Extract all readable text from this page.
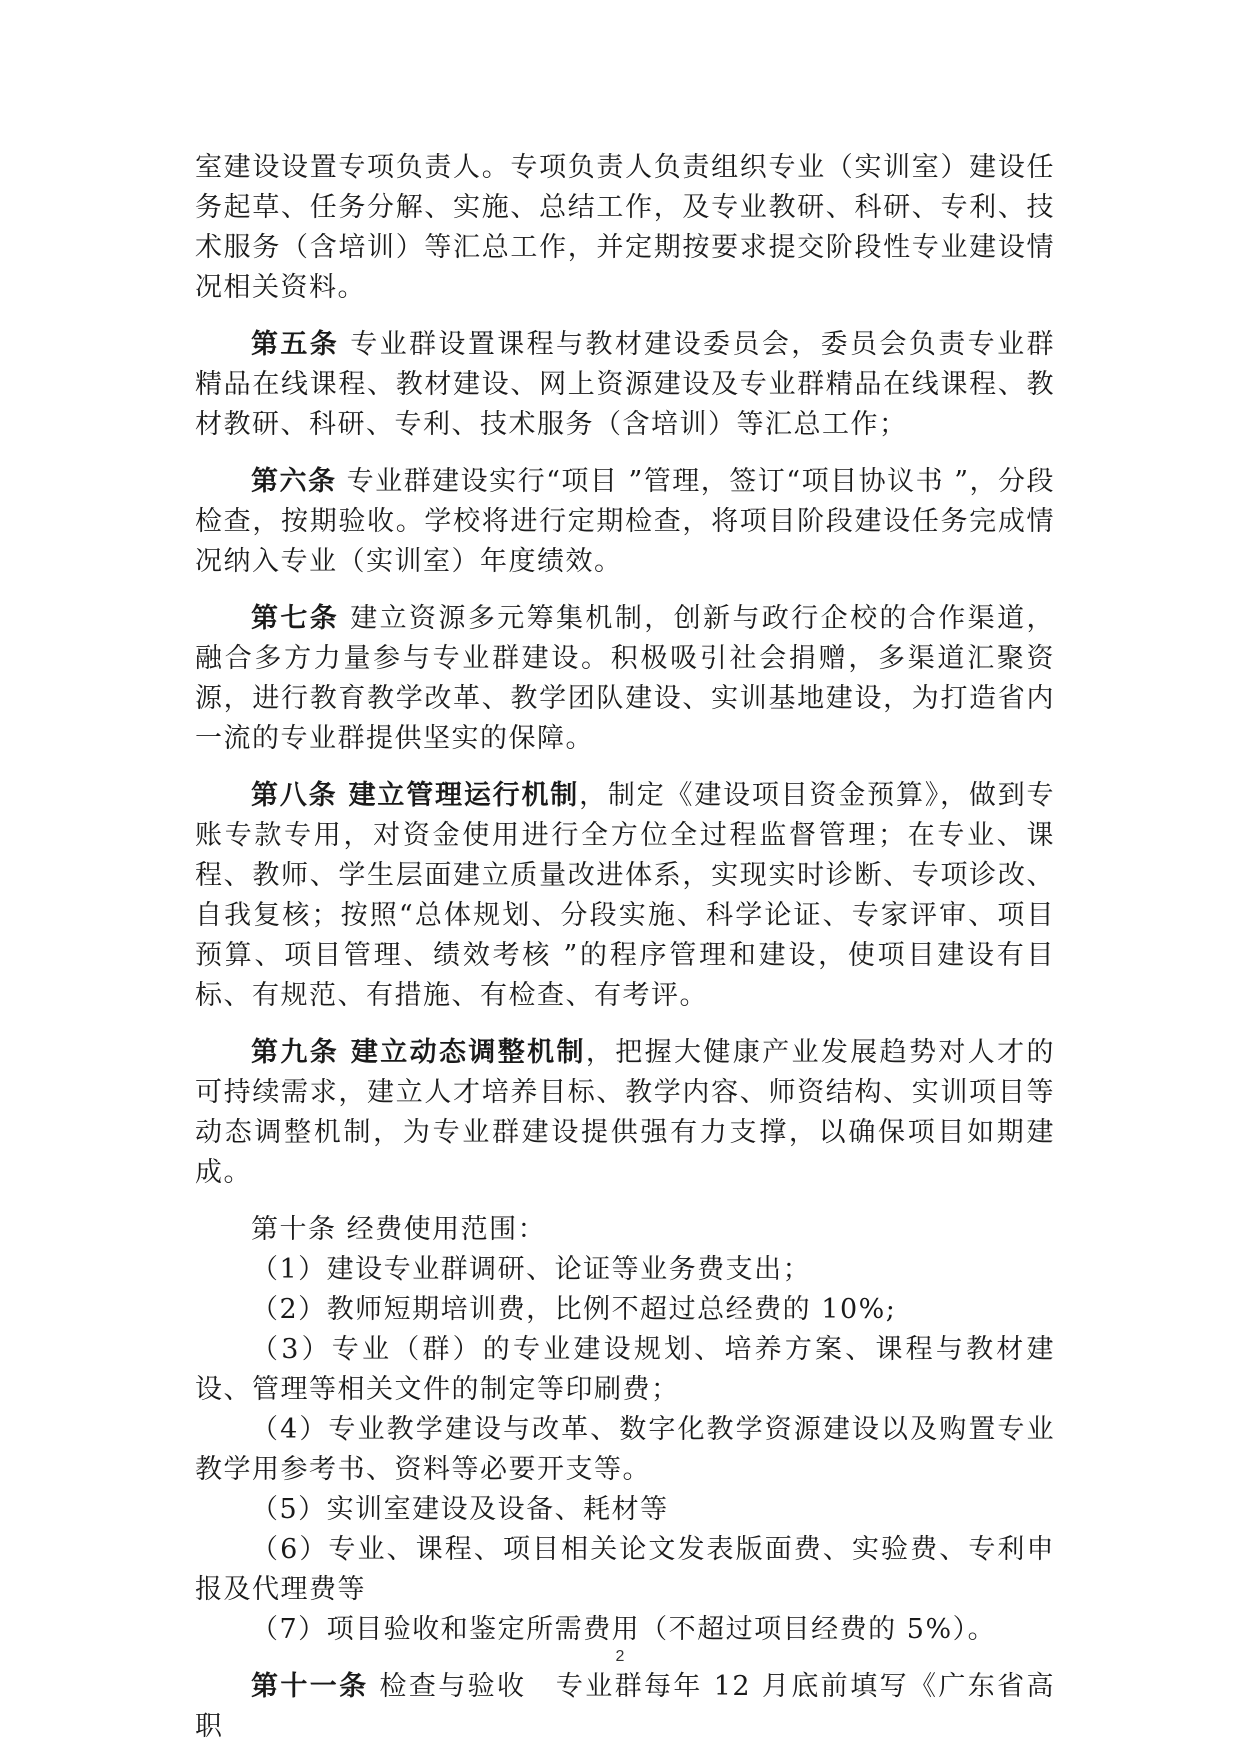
室建设设置专项负责人。专项负责人负责组织专业（实训室）建设任务起草、任务分解、实施、总结工作，及专业教研、科研、专利、技术服务（含培训）等汇总工作，并定期按要求提交阶段性专业建设情况相关资料。

第五条 专业群设置课程与教材建设委员会，委员会负责专业群精品在线课程、教材建设、网上资源建设及专业群精品在线课程、教材教研、科研、专利、技术服务（含培训）等汇总工作；

第六条 专业群建设实行“项目 ”管理，签订“项目协议书 ”，分段检查，按期验收。学校将进行定期检查，将项目阶段建设任务完成情况纳入专业（实训室）年度绩效。

第七条 建立资源多元筹集机制，创新与政行企校的合作渠道，融合多方力量参与专业群建设。积极吸引社会捐赠，多渠道汇聚资源，进行教育教学改革、教学团队建设、实训基地建设，为打造省内一流的专业群提供坚实的保障。

第八条 建立管理运行机制，制定《建设项目资金预算》，做到专账专款专用，对资金使用进行全方位全过程监督管理；在专业、课程、教师、学生层面建立质量改进体系，实现实时诊断、专项诊改、自我复核；按照“总体规划、分段实施、科学论证、专家评审、项目预算、项目管理、绩效考核 ”的程序管理和建设，使项目建设有目标、有规范、有措施、有检查、有考评。

第九条 建立动态调整机制，把握大健康产业发展趋势对人才的可持续需求，建立人才培养目标、教学内容、师资结构、实训项目等动态调整机制，为专业群建设提供强有力支撑，以确保项目如期建成。

第十条 经费使用范围：

（1）建设专业群调研、论证等业务费支出；

（2）教师短期培训费，比例不超过总经费的 10%;

（3）专业（群）的专业建设规划、培养方案、课程与教材建设、管理等相关文件的制定等印刷费；

（4）专业教学建设与改革、数字化教学资源建设以及购置专业教学用参考书、资料等必要开支等。

（5）实训室建设及设备、耗材等

（6）专业、课程、项目相关论文发表版面费、实验费、专利申报及代理费等

（7）项目验收和鉴定所需费用（不超过项目经费的 5%）。

第十一条 检查与验收　专业群每年 12 月底前填写《广东省高职

2
